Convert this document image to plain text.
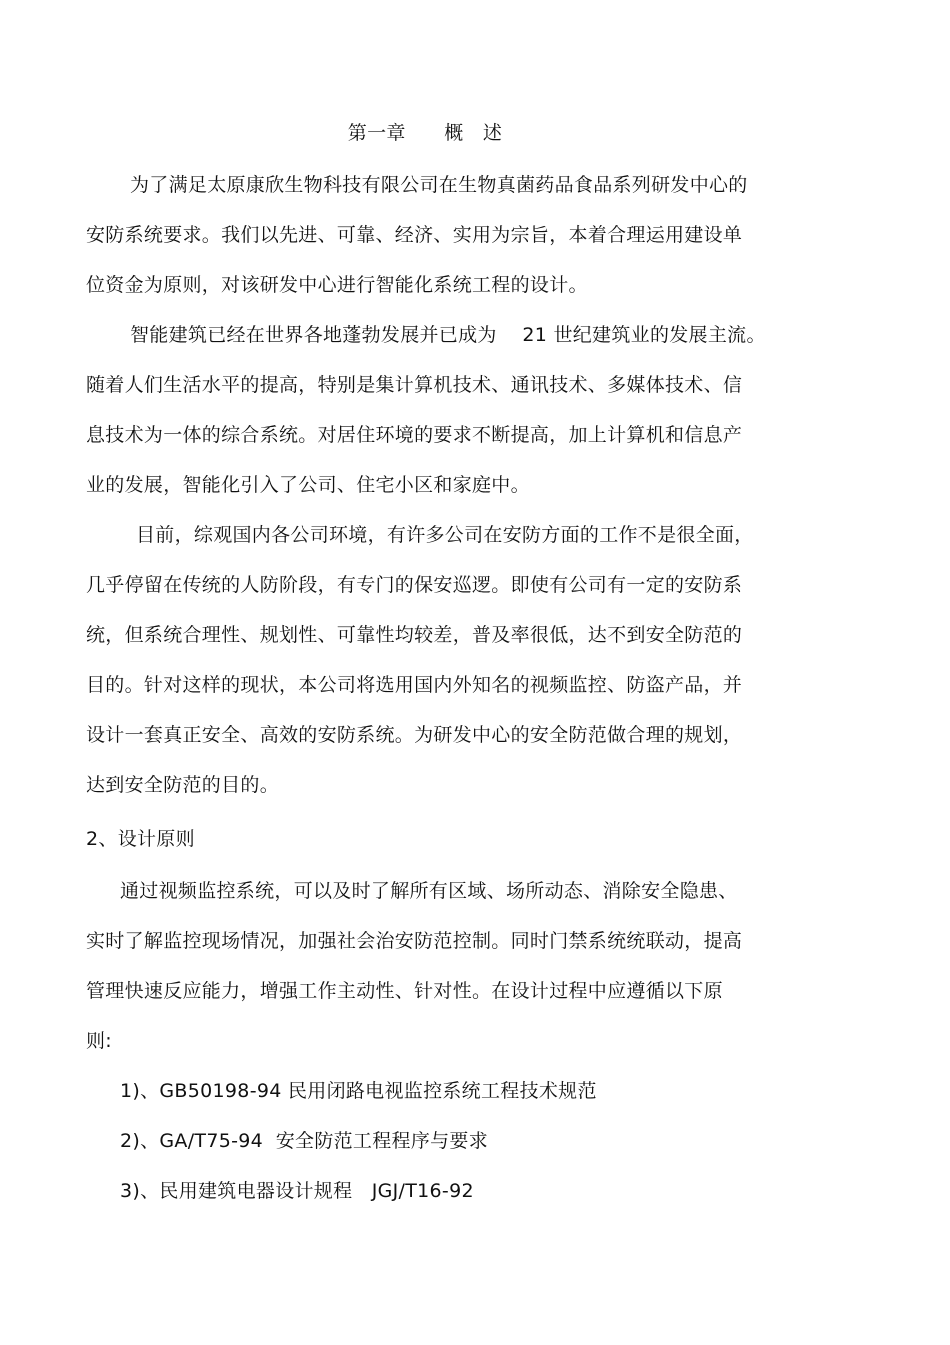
第一章　　概　述
为了满足太原康欣生物科技有限公司在生物真菌药品食品系列研发中心的
安防系统要求。我们以先进、可靠、经济、实用为宗旨，本着合理运用建设单
位资金为原则，对该研发中心进行智能化系统工程的设计。
智能建筑已经在世界各地蓬勃发展并已成为　 21 世纪建筑业的发展主流。
随着人们生活水平的提高，特别是集计算机技术、通讯技术、多媒体技术、信
息技术为一体的综合系统。对居住环境的要求不断提高，加上计算机和信息产
业的发展，智能化引入了公司、住宅小区和家庭中。
目前，综观国内各公司环境，有许多公司在安防方面的工作不是很全面，
几乎停留在传统的人防阶段，有专门的保安巡逻。即使有公司有一定的安防系
统，但系统合理性、规划性、可靠性均较差，普及率很低，达不到安全防范的
目的。针对这样的现状，本公司将选用国内外知名的视频监控、防盗产品，并
设计一套真正安全、高效的安防系统。为研发中心的安全防范做合理的规划，
达到安全防范的目的。
2、设计原则
通过视频监控系统，可以及时了解所有区域、场所动态、消除安全隐患、
实时了解监控现场情况，加强社会治安防范控制。同时门禁系统统联动，提高
管理快速反应能力，增强工作主动性、针对性。在设计过程中应遵循以下原
则:
1)、GB50198-94 民用闭路电视监控系统工程技术规范
2)、GA/T75-94  安全防范工程程序与要求
3)、民用建筑电器设计规程　JGJ/T16-92
